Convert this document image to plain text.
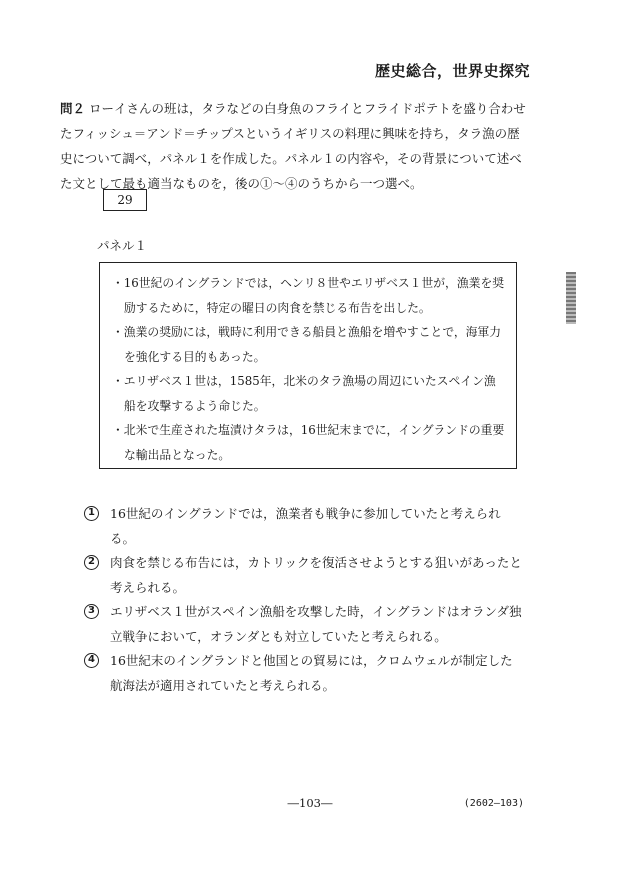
歴史総合，世界史探究
問２ ローイさんの班は，タラなどの白身魚のフライとフライドポテトを盛り合わせたフィッシュ＝アンド＝チップスというイギリスの料理に興味を持ち，タラ漁の歴史について調べ，パネル１を作成した。パネル１の内容や，その背景について述べた文として最も適当なものを，後の①～④のうちから一つ選べ。
29
パネル１
・16世紀のイングランドでは，ヘンリ８世やエリザベス１世が，漁業を奨励するために，特定の曜日の肉食を禁じる布告を出した。
・漁業の奨励には，戦時に利用できる船員と漁船を増やすことで，海軍力を強化する目的もあった。
・エリザベス１世は，1585年，北米のタラ漁場の周辺にいたスペイン漁船を攻撃するよう命じた。
・北米で生産された塩漬けタラは，16世紀末までに，イングランドの重要な輸出品となった。
1	16世紀のイングランドでは，漁業者も戦争に参加していたと考えられる。
2	肉食を禁じる布告には，カトリックを復活させようとする狙いがあったと考えられる。
3	エリザベス１世がスペイン漁船を攻撃した時，イングランドはオランダ独立戦争において，オランダとも対立していたと考えられる。
4	16世紀末のイングランドと他国との貿易には，クロムウェルが制定した航海法が適用されていたと考えられる。
―103―	(2602―103)
